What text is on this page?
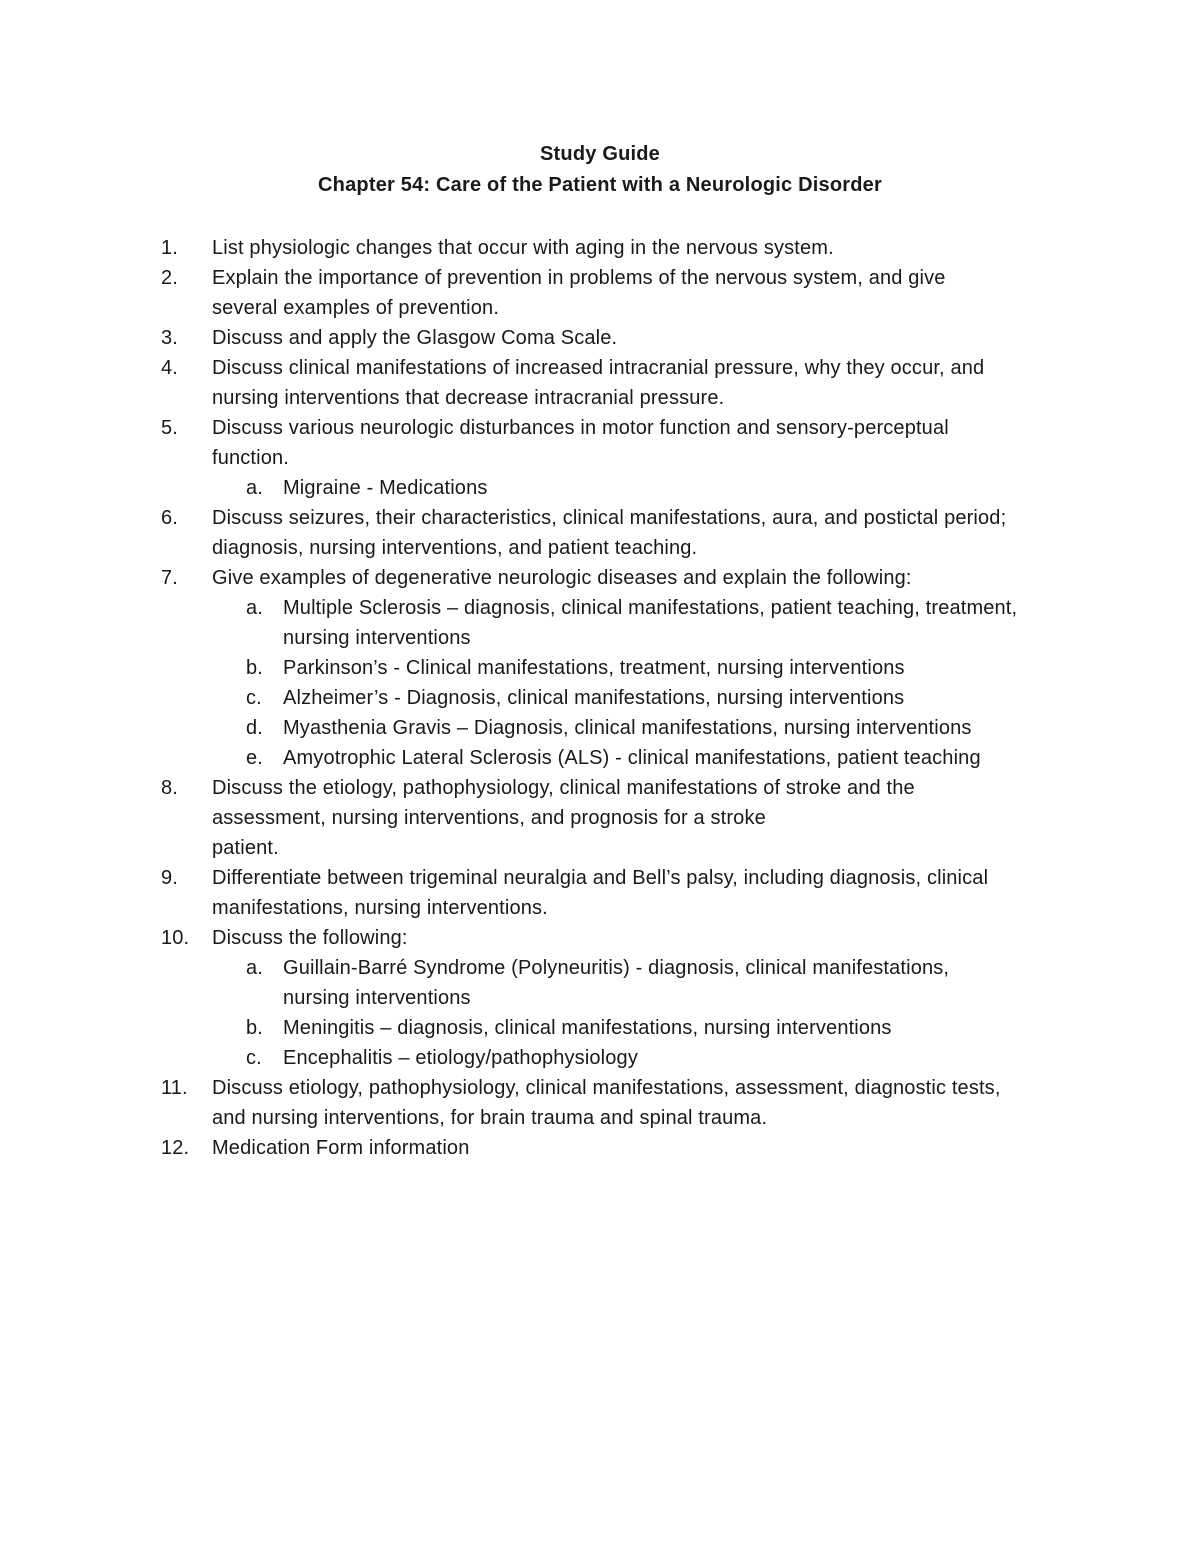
Study Guide
Chapter 54: Care of the Patient with a Neurologic Disorder
1.	List physiologic changes that occur with aging in the nervous system.
2.	Explain the importance of prevention in problems of the nervous system, and give
several examples of prevention.
3.	Discuss and apply the Glasgow Coma Scale.
4.	Discuss clinical manifestations of increased intracranial pressure, why they occur, and
nursing interventions that decrease intracranial pressure.
5.	Discuss various neurologic disturbances in motor function and sensory-perceptual
function.
a. Migraine - Medications
6.	Discuss seizures, their characteristics, clinical manifestations, aura, and postictal period;
diagnosis, nursing interventions, and patient teaching.
7.	Give examples of degenerative neurologic diseases and explain the following:
a. Multiple Sclerosis – diagnosis, clinical manifestations, patient teaching, treatment,
nursing interventions
b. Parkinson’s - Clinical manifestations, treatment, nursing interventions
c. Alzheimer’s - Diagnosis, clinical manifestations, nursing interventions
d. Myasthenia Gravis – Diagnosis, clinical manifestations, nursing interventions
e. Amyotrophic Lateral Sclerosis (ALS) - clinical manifestations, patient teaching
8.	Discuss the etiology, pathophysiology, clinical manifestations of stroke and the
assessment, nursing interventions, and prognosis for a stroke
patient.
9.	Differentiate between trigeminal neuralgia and Bell’s palsy, including diagnosis, clinical
manifestations, nursing interventions.
10.	Discuss the following:
a. Guillain-Barré Syndrome (Polyneuritis) - diagnosis, clinical manifestations,
nursing interventions
b. Meningitis – diagnosis, clinical manifestations, nursing interventions
c. Encephalitis – etiology/pathophysiology
11.	Discuss etiology, pathophysiology, clinical manifestations, assessment, diagnostic tests,
and nursing interventions, for brain trauma and spinal trauma.
12.	Medication Form information
